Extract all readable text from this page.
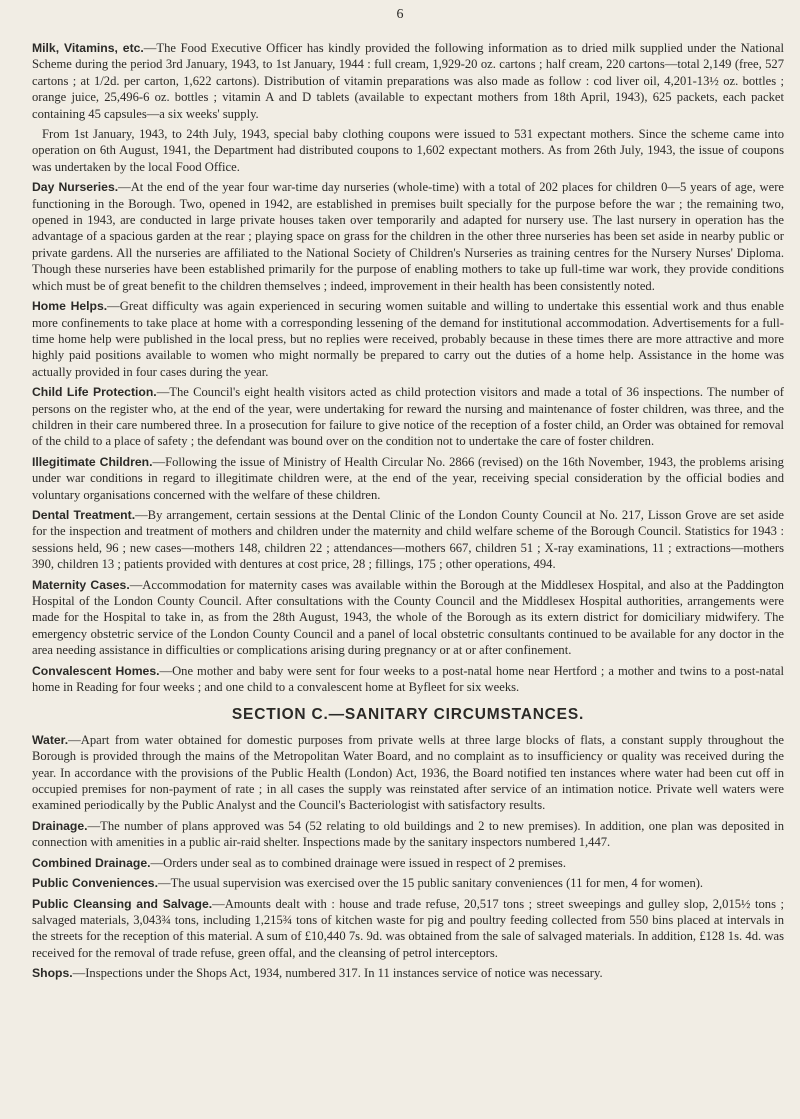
6

Milk, Vitamins, etc.—The Food Executive Officer has kindly provided the following information as to dried milk supplied under the National Scheme during the period 3rd January, 1943, to 1st January, 1944 : full cream, 1,929-20 oz. cartons ; half cream, 220 cartons—total 2,149 (free, 527 cartons ; at 1/2d. per carton, 1,622 cartons). Distribution of vitamin preparations was also made as follow : cod liver oil, 4,201-13½ oz. bottles ; orange juice, 25,496-6 oz. bottles ; vitamin A and D tablets (available to expectant mothers from 18th April, 1943), 625 packets, each packet containing 45 capsules—a six weeks' supply.

From 1st January, 1943, to 24th July, 1943, special baby clothing coupons were issued to 531 expectant mothers. Since the scheme came into operation on 6th August, 1941, the Department had distributed coupons to 1,602 expectant mothers. As from 26th July, 1943, the issue of coupons was undertaken by the local Food Office.

Day Nurseries.—At the end of the year four war-time day nurseries (whole-time) with a total of 202 places for children 0—5 years of age, were functioning in the Borough. Two, opened in 1942, are established in premises built specially for the purpose before the war ; the remaining two, opened in 1943, are conducted in large private houses taken over temporarily and adapted for nursery use. The last nursery in operation has the advantage of a spacious garden at the rear ; playing space on grass for the children in the other three nurseries has been set aside in nearby public or private gardens. All the nurseries are affiliated to the National Society of Children's Nurseries as training centres for the Nursery Nurses' Diploma. Though these nurseries have been established primarily for the purpose of enabling mothers to take up full-time war work, they provide conditions which must be of great benefit to the children themselves ; indeed, improvement in their health has been consistently noted.

Home Helps.—Great difficulty was again experienced in securing women suitable and willing to undertake this essential work and thus enable more confinements to take place at home with a corresponding lessening of the demand for institutional accommodation. Advertisements for a full-time home help were published in the local press, but no replies were received, probably because in these times there are more attractive and more highly paid positions available to women who might normally be prepared to carry out the duties of a home help. Assistance in the home was actually provided in four cases during the year.

Child Life Protection.—The Council's eight health visitors acted as child protection visitors and made a total of 36 inspections. The number of persons on the register who, at the end of the year, were undertaking for reward the nursing and maintenance of foster children, was three, and the children in their care numbered three. In a prosecution for failure to give notice of the reception of a foster child, an Order was obtained for removal of the child to a place of safety ; the defendant was bound over on the condition not to undertake the care of foster children.

Illegitimate Children.—Following the issue of Ministry of Health Circular No. 2866 (revised) on the 16th November, 1943, the problems arising under war conditions in regard to illegitimate children were, at the end of the year, receiving special consideration by the official bodies and voluntary organisations concerned with the welfare of these children.

Dental Treatment.—By arrangement, certain sessions at the Dental Clinic of the London County Council at No. 217, Lisson Grove are set aside for the inspection and treatment of mothers and children under the maternity and child welfare scheme of the Borough Council. Statistics for 1943 : sessions held, 96 ; new cases—mothers 148, children 22 ; attendances—mothers 667, children 51 ; X-ray examinations, 11 ; extractions—mothers 390, children 13 ; patients provided with dentures at cost price, 28 ; fillings, 175 ; other operations, 494.

Maternity Cases.—Accommodation for maternity cases was available within the Borough at the Middlesex Hospital, and also at the Paddington Hospital of the London County Council. After consultations with the County Council and the Middlesex Hospital authorities, arrangements were made for the Hospital to take in, as from the 28th August, 1943, the whole of the Borough as its extern district for domiciliary midwifery. The emergency obstetric service of the London County Council and a panel of local obstetric consultants continued to be available for any doctor in the area needing assistance in difficulties or complications arising during pregnancy or at or after confinement.

Convalescent Homes.—One mother and baby were sent for four weeks to a post-natal home near Hertford ; a mother and twins to a post-natal home in Reading for four weeks ; and one child to a convalescent home at Byfleet for six weeks.

SECTION C.—SANITARY CIRCUMSTANCES.

Water.—Apart from water obtained for domestic purposes from private wells at three large blocks of flats, a constant supply throughout the Borough is provided through the mains of the Metropolitan Water Board, and no complaint as to insufficiency or quality was received during the year. In accordance with the provisions of the Public Health (London) Act, 1936, the Board notified ten instances where water had been cut off in occupied premises for non-payment of rate ; in all cases the supply was reinstated after service of an intimation notice. Private well waters were examined periodically by the Public Analyst and the Council's Bacteriologist with satisfactory results.

Drainage.—The number of plans approved was 54 (52 relating to old buildings and 2 to new premises). In addition, one plan was deposited in connection with amenities in a public air-raid shelter. Inspections made by the sanitary inspectors numbered 1,447.

Combined Drainage.—Orders under seal as to combined drainage were issued in respect of 2 premises.

Public Conveniences.—The usual supervision was exercised over the 15 public sanitary conveniences (11 for men, 4 for women).

Public Cleansing and Salvage.—Amounts dealt with : house and trade refuse, 20,517 tons ; street sweepings and gulley slop, 2,015½ tons ; salvaged materials, 3,043¾ tons, including 1,215¾ tons of kitchen waste for pig and poultry feeding collected from 550 bins placed at intervals in the streets for the reception of this material. A sum of £10,440 7s. 9d. was obtained from the sale of salvaged materials. In addition, £128 1s. 4d. was received for the removal of trade refuse, green offal, and the cleansing of petrol interceptors.

Shops.—Inspections under the Shops Act, 1934, numbered 317. In 11 instances service of notice was necessary.
